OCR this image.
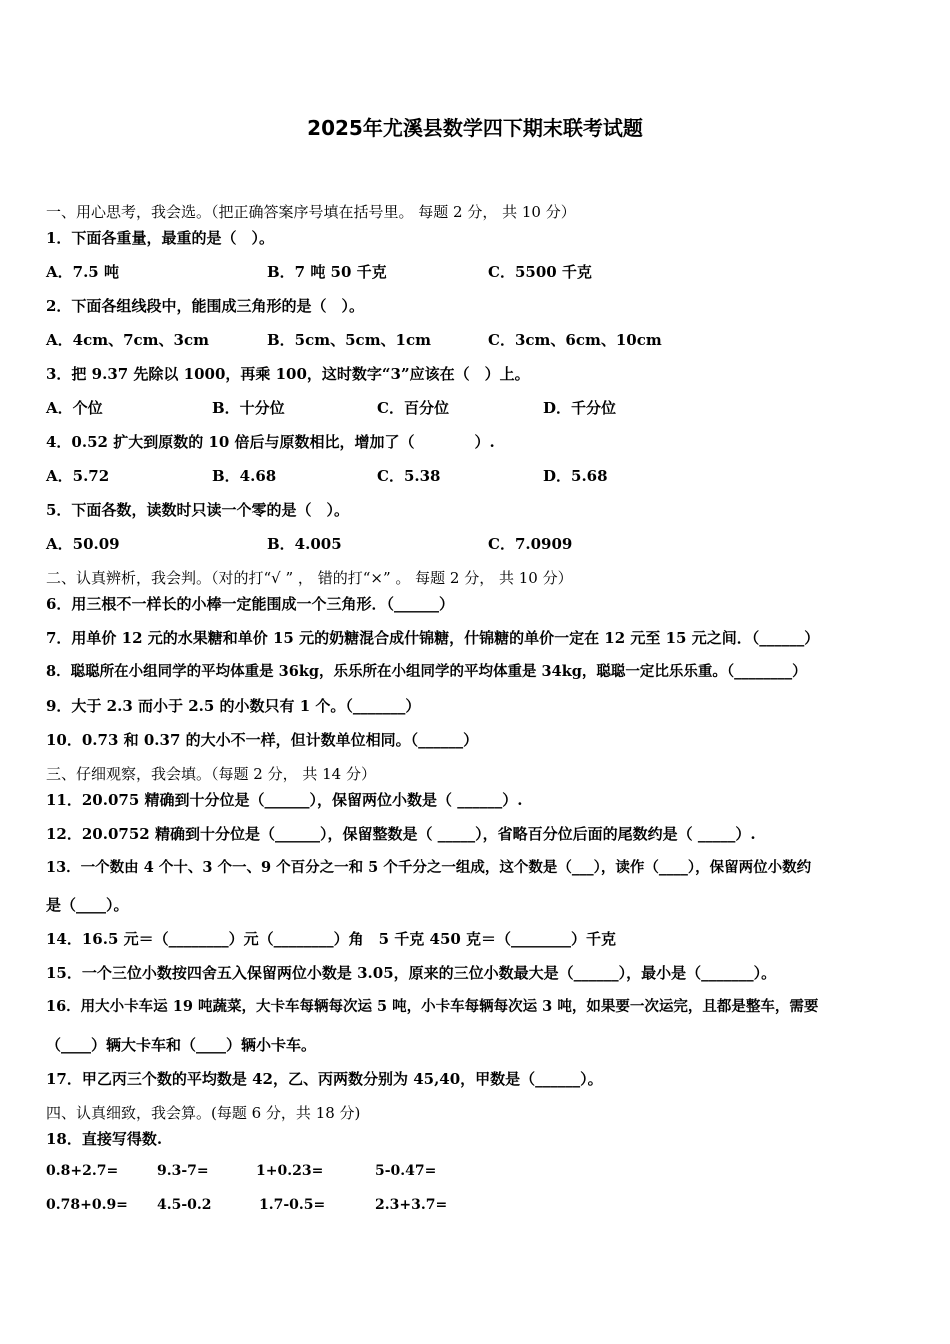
2025年尤溪县数学四下期末联考试题
一、用心思考，我会选。（把正确答案序号填在括号里。 每题 2 分， 共 10 分）
1．下面各重量，最重的是（　）。
A．7.5 吨	B．7 吨 50 千克	C．5500 千克
2．下面各组线段中，能围成三角形的是（　）。
A．4cm、7cm、3cm	B．5cm、5cm、1cm	C．3cm、6cm、10cm
3．把 9.37 先除以 1000，再乘 100，这时数字“3”应该在（　）上。
A．个位	B．十分位	C．百分位	D．千分位
4．0.52 扩大到原数的 10 倍后与原数相比，增加了（　　　　）.
A．5.72	B．4.68	C．5.38	D．5.68
5．下面各数，读数时只读一个零的是（　）。
A．50.09	B．4.005	C．7.0909
二、认真辨析，我会判。（对的打“√ ” ， 错的打“×” 。 每题 2 分， 共 10 分）
6．用三根不一样长的小棒一定能围成一个三角形．（______）
7．用单价 12 元的水果糖和单价 15 元的奶糖混合成什锦糖，什锦糖的单价一定在 12 元至 15 元之间．（______）
8．聪聪所在小组同学的平均体重是 36kg，乐乐所在小组同学的平均体重是 34kg，聪聪一定比乐乐重。（________）
9．大于 2.3 而小于 2.5 的小数只有 1 个。（_______）
10．0.73 和 0.37 的大小不一样，但计数单位相同。（______）
三、仔细观察，我会填。（每题 2 分， 共 14 分）
11．20.075 精确到十分位是（______），保留两位小数是（ ______）.
12．20.0752 精确到十分位是（______），保留整数是（ _____），省略百分位后面的尾数约是（ _____）.
13．一个数由 4 个十、3 个一、9 个百分之一和 5 个千分之一组成，这个数是（___），读作（____），保留两位小数约
是（____）。
14．16.5 元＝（________）元（________）角　5 千克 450 克＝（________）千克
15．一个三位小数按四舍五入保留两位小数是 3.05，原来的三位小数最大是（______），最小是（_______）。
16．用大小卡车运 19 吨蔬菜，大卡车每辆每次运 5 吨，小卡车每辆每次运 3 吨，如果要一次运完，且都是整车，需要
（____）辆大卡车和（____）辆小卡车。
17．甲乙丙三个数的平均数是 42，乙、丙两数分别为 45,40，甲数是（______）。
四、认真细致，我会算。(每题 6 分，共 18 分)
18．直接写得数.
0.8+2.7=	9.3-7=	1+0.23=	5-0.47=
0.78+0.9= 4.5-0.2	1.7-0.5=	2.3+3.7=
